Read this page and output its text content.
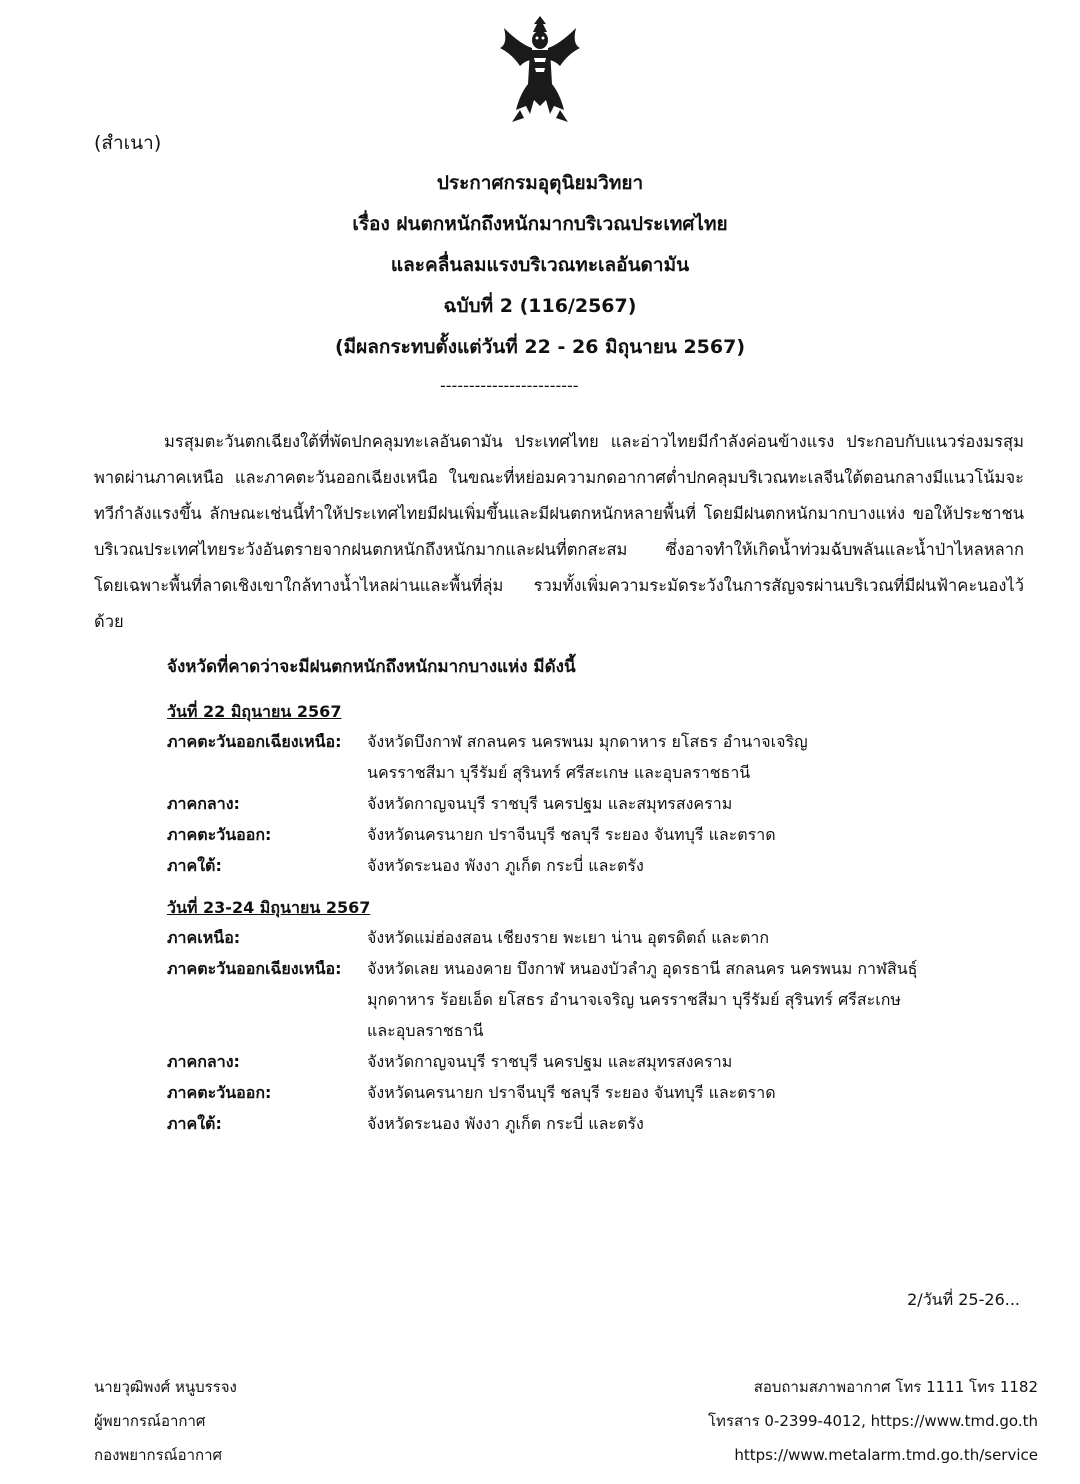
(สำเนา)
ประกาศกรมอุตุนิยมวิทยา
เรื่อง ฝนตกหนักถึงหนักมากบริเวณประเทศไทย
และคลื่นลมแรงบริเวณทะเลอันดามัน
ฉบับที่ 2 (116/2567)
(มีผลกระทบตั้งแต่วันที่ 22 - 26 มิถุนายน 2567)
------------------------
มรสุมตะวันตกเฉียงใต้ที่พัดปกคลุมทะเลอันดามัน ประเทศไทย และอ่าวไทยมีกำลังค่อนข้างแรง ประกอบกับแนวร่องมรสุมพาดผ่านภาคเหนือ และภาคตะวันออกเฉียงเหนือ ในขณะที่หย่อมความกดอากาศต่ำปกคลุมบริเวณทะเลจีนใต้ตอนกลางมีแนวโน้มจะทวีกำลังแรงขึ้น ลักษณะเช่นนี้ทำให้ประเทศไทยมีฝนเพิ่มขึ้นและมีฝนตกหนักหลายพื้นที่ โดยมีฝนตกหนักมากบางแห่ง ขอให้ประชาชนบริเวณประเทศไทยระวังอันตรายจากฝนตกหนักถึงหนักมากและฝนที่ตกสะสม ซึ่งอาจทำให้เกิดน้ำท่วมฉับพลันและน้ำป่าไหลหลาก โดยเฉพาะพื้นที่ลาดเชิงเขาใกล้ทางน้ำไหลผ่านและพื้นที่ลุ่ม รวมทั้งเพิ่มความระมัดระวังในการสัญจรผ่านบริเวณที่มีฝนฟ้าคะนองไว้ด้วย
จังหวัดที่คาดว่าจะมีฝนตกหนักถึงหนักมากบางแห่ง มีดังนี้
วันที่ 22 มิถุนายน 2567
ภาคตะวันออกเฉียงเหนือ:	จังหวัดบึงกาฬ สกลนคร นครพนม มุกดาหาร ยโสธร อำนาจเจริญ
นครราชสีมา บุรีรัมย์ สุรินทร์ ศรีสะเกษ และอุบลราชธานี
ภาคกลาง:	จังหวัดกาญจนบุรี ราชบุรี นครปฐม และสมุทรสงคราม
ภาคตะวันออก:	จังหวัดนครนายก ปราจีนบุรี ชลบุรี ระยอง จันทบุรี และตราด
ภาคใต้:	จังหวัดระนอง พังงา ภูเก็ต กระบี่ และตรัง
วันที่ 23-24 มิถุนายน 2567
ภาคเหนือ:	จังหวัดแม่ฮ่องสอน เชียงราย พะเยา น่าน อุตรดิตถ์ และตาก
ภาคตะวันออกเฉียงเหนือ:	จังหวัดเลย หนองคาย บึงกาฬ หนองบัวลำภู อุดรธานี สกลนคร นครพนม กาฬสินธุ์
มุกดาหาร ร้อยเอ็ด ยโสธร อำนาจเจริญ นครราชสีมา บุรีรัมย์ สุรินทร์ ศรีสะเกษ
และอุบลราชธานี
ภาคกลาง:	จังหวัดกาญจนบุรี ราชบุรี นครปฐม และสมุทรสงคราม
ภาคตะวันออก:	จังหวัดนครนายก ปราจีนบุรี ชลบุรี ระยอง จันทบุรี และตราด
ภาคใต้:	จังหวัดระนอง พังงา ภูเก็ต กระบี่ และตรัง
2/วันที่ 25-26...
นายวุฒิพงศ์ หนูบรรจง
ผู้พยากรณ์อากาศ
กองพยากรณ์อากาศ
สอบถามสภาพอากาศ โทร 1111 โทร 1182
โทรสาร 0-2399-4012, https://www.tmd.go.th
https://www.metalarm.tmd.go.th/service
